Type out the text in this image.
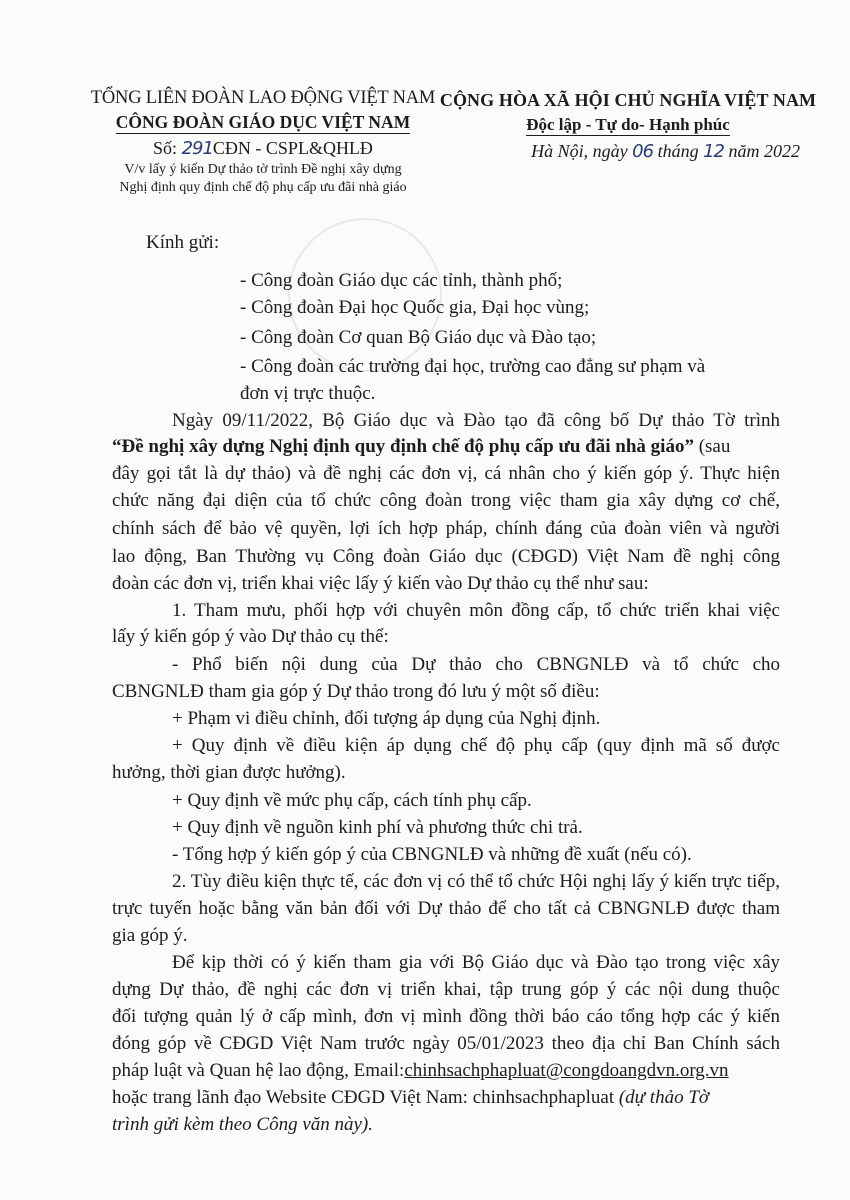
TỔNG LIÊN ĐOÀN LAO ĐỘNG VIỆT NAM
CÔNG ĐOÀN GIÁO DỤC VIỆT NAM
Số: 291CĐN - CSPL&QHLĐ
V/v lấy ý kiến Dự thảo tờ trình Đề nghị xây dựng
Nghị định quy định chế độ phụ cấp ưu đãi nhà giáo
CỘNG HÒA XÃ HỘI CHỦ NGHĨA VIỆT NAM
Độc lập - Tự do- Hạnh phúc
Hà Nội, ngày 06 tháng 12 năm 2022
Kính gửi:
- Công đoàn Giáo dục các tỉnh, thành phố;
- Công đoàn Đại học Quốc gia, Đại học vùng;
- Công đoàn Cơ quan Bộ Giáo dục và Đào tạo;
- Công đoàn các trường đại học, trường cao đẳng sư phạm và
đơn vị trực thuộc.
Ngày 09/11/2022, Bộ Giáo dục và Đào tạo đã công bố Dự thảo Tờ trình
“Đề nghị xây dựng Nghị định quy định chế độ phụ cấp ưu đãi nhà giáo” (sau
đây gọi tắt là dự thảo) và đề nghị các đơn vị, cá nhân cho ý kiến góp ý. Thực hiện
chức năng đại diện của tổ chức công đoàn trong việc tham gia xây dựng cơ chế,
chính sách để bảo vệ quyền, lợi ích hợp pháp, chính đáng của đoàn viên và người
lao động, Ban Thường vụ Công đoàn Giáo dục (CĐGD) Việt Nam đề nghị công
đoàn các đơn vị, triển khai việc lấy ý kiến vào Dự thảo cụ thể như sau:
1. Tham mưu, phối hợp với chuyên môn đồng cấp, tổ chức triển khai việc
lấy ý kiến góp ý vào Dự thảo cụ thể:
- Phổ biến nội dung của Dự thảo cho CBNGNLĐ và tổ chức cho
CBNGNLĐ tham gia góp ý Dự thảo trong đó lưu ý một số điều:
+ Phạm vi điều chỉnh, đối tượng áp dụng của Nghị định.
+ Quy định về điều kiện áp dụng chế độ phụ cấp (quy định mã số được
hưởng, thời gian được hưởng).
+ Quy định về mức phụ cấp, cách tính phụ cấp.
+ Quy định về nguồn kinh phí và phương thức chi trả.
- Tổng hợp ý kiến góp ý của CBNGNLĐ và những đề xuất (nếu có).
2. Tùy điều kiện thực tế, các đơn vị có thể tổ chức Hội nghị lấy ý kiến trực tiếp,
trực tuyến hoặc bằng văn bản đối với Dự thảo để cho tất cả CBNGNLĐ được tham
gia góp ý.
Để kịp thời có ý kiến tham gia với Bộ Giáo dục và Đào tạo trong việc xây
dựng Dự thảo, đề nghị các đơn vị triển khai, tập trung góp ý các nội dung thuộc
đối tượng quản lý ở cấp mình, đơn vị mình đồng thời báo cáo tổng hợp các ý kiến
đóng góp về CĐGD Việt Nam trước ngày 05/01/2023 theo địa chỉ Ban Chính sách
pháp luật và Quan hệ lao động, Email:chinhsachphapluat@congdoangdvn.org.vn
hoặc trang lãnh đạo Website CĐGD Việt Nam: chinhsachphapluat (dự thảo Tờ
trình gửi kèm theo Công văn này).
